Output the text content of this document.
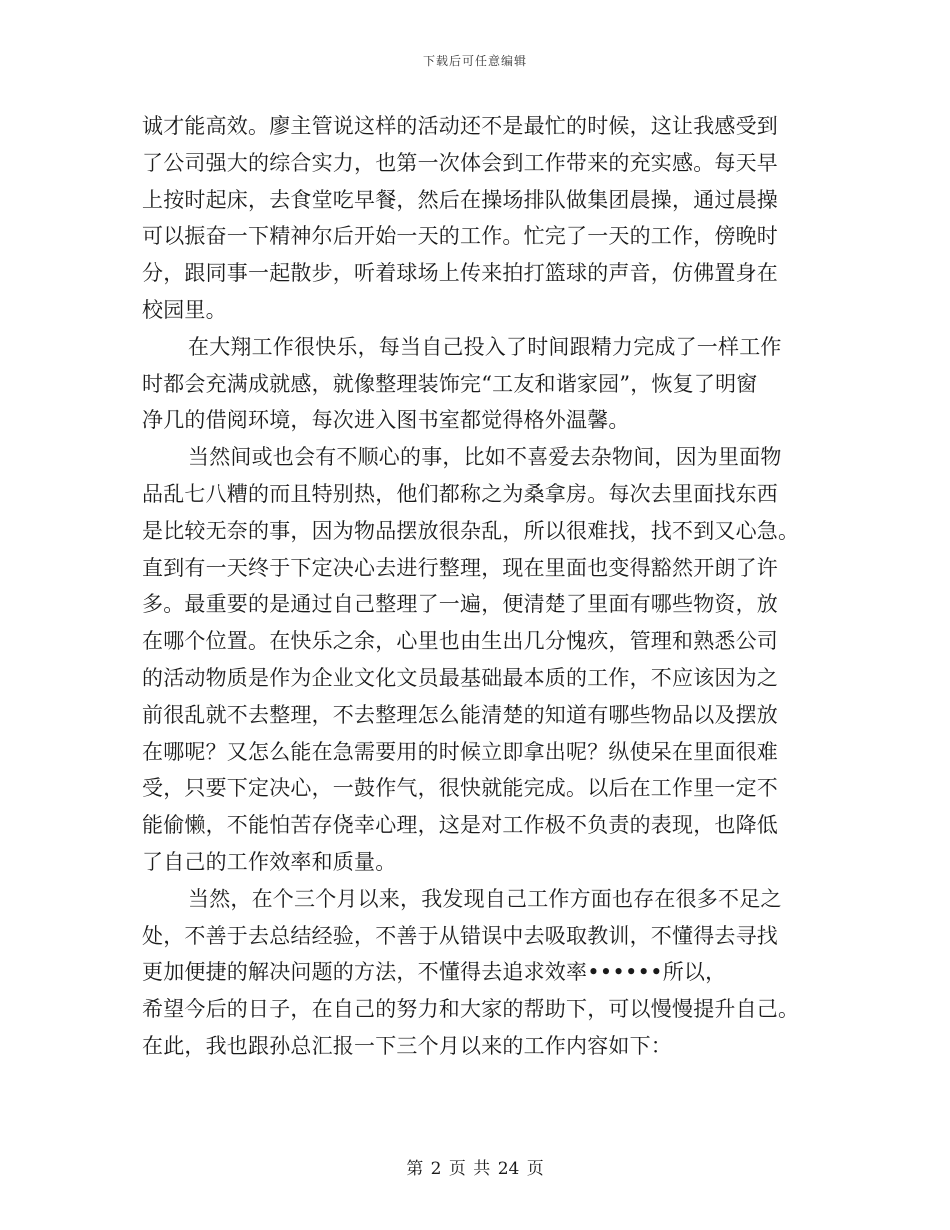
下载后可任意编辑
诚才能高效。廖主管说这样的活动还不是最忙的时候，这让我感受到
了公司强大的综合实力，也第一次体会到工作带来的充实感。每天早
上按时起床，去食堂吃早餐，然后在操场排队做集团晨操，通过晨操
可以振奋一下精神尔后开始一天的工作。忙完了一天的工作，傍晚时
分，跟同事一起散步，听着球场上传来拍打篮球的声音，仿佛置身在
校园里。
在大翔工作很快乐，每当自己投入了时间跟精力完成了一样工作
时都会充满成就感，就像整理装饰完“工友和谐家园”，恢复了明窗
净几的借阅环境，每次进入图书室都觉得格外温馨。
当然间或也会有不顺心的事，比如不喜爱去杂物间，因为里面物
品乱七八糟的而且特别热，他们都称之为桑拿房。每次去里面找东西
是比较无奈的事，因为物品摆放很杂乱，所以很难找，找不到又心急。
直到有一天终于下定决心去进行整理，现在里面也变得豁然开朗了许
多。最重要的是通过自己整理了一遍，便清楚了里面有哪些物资，放
在哪个位置。在快乐之余，心里也由生出几分愧疚，管理和熟悉公司
的活动物质是作为企业文化文员最基础最本质的工作，不应该因为之
前很乱就不去整理，不去整理怎么能清楚的知道有哪些物品以及摆放
在哪呢？又怎么能在急需要用的时候立即拿出呢？纵使呆在里面很难
受，只要下定决心，一鼓作气，很快就能完成。以后在工作里一定不
能偷懒，不能怕苦存侥幸心理，这是对工作极不负责的表现，也降低
了自己的工作效率和质量。
当然，在个三个月以来，我发现自己工作方面也存在很多不足之
处，不善于去总结经验，不善于从错误中去吸取教训，不懂得去寻找
更加便捷的解决问题的方法，不懂得去追求效率••••••所以，
希望今后的日子，在自己的努力和大家的帮助下，可以慢慢提升自己。
在此，我也跟孙总汇报一下三个月以来的工作内容如下：
第 2 页 共 24 页
